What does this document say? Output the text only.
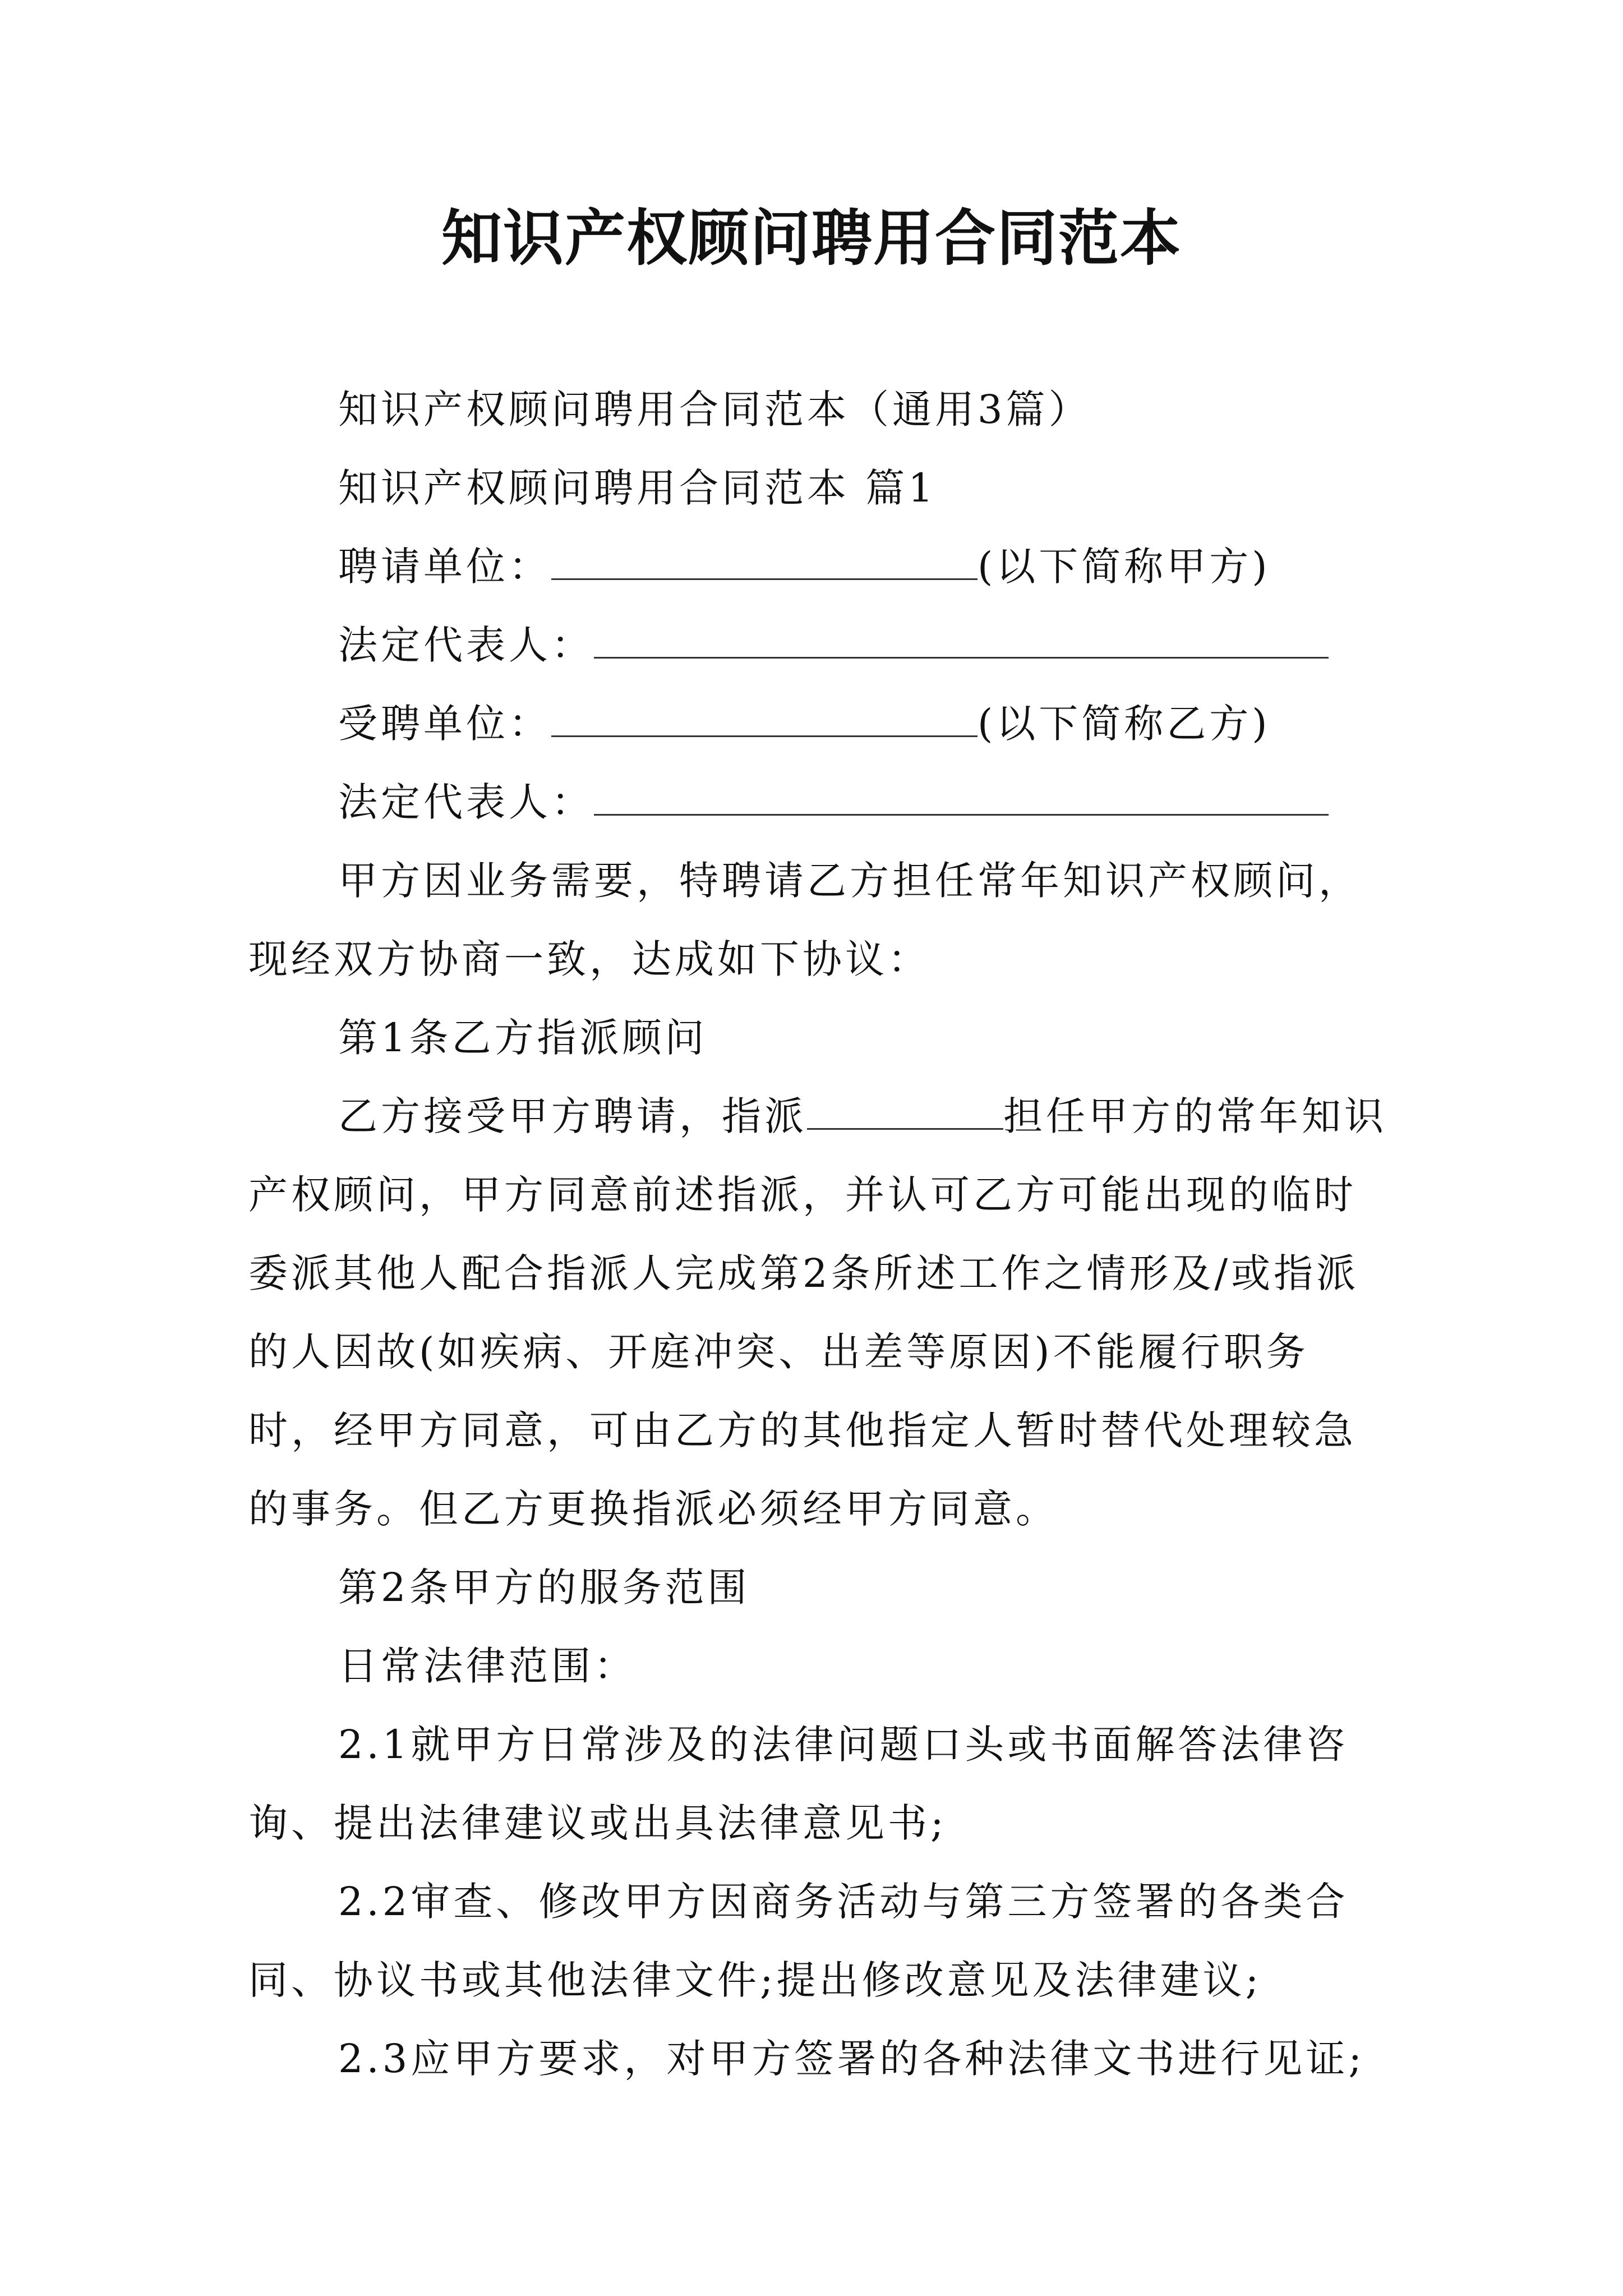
知识产权顾问聘用合同范本

知识产权顾问聘用合同范本（通用3篇）

知识产权顾问聘用合同范本 篇1

聘请单位：	(以下简称甲方)

法定代表人：

受聘单位：	(以下简称乙方)

法定代表人：

甲方因业务需要，特聘请乙方担任常年知识产权顾问，现经双方协商一致，达成如下协议：

第1条乙方指派顾问

乙方接受甲方聘请，指派	担任甲方的常年知识产权顾问，甲方同意前述指派，并认可乙方可能出现的临时委派其他人配合指派人完成第2条所述工作之情形及/或指派的人因故(如疾病、开庭冲突、出差等原因)不能履行职务时，经甲方同意，可由乙方的其他指定人暂时替代处理较急的事务。但乙方更换指派必须经甲方同意。

第2条甲方的服务范围

日常法律范围：

2.1就甲方日常涉及的法律问题口头或书面解答法律咨询、提出法律建议或出具法律意见书;

2.2审查、修改甲方因商务活动与第三方签署的各类合同、协议书或其他法律文件;提出修改意见及法律建议;

2.3应甲方要求，对甲方签署的各种法律文书进行见证;
